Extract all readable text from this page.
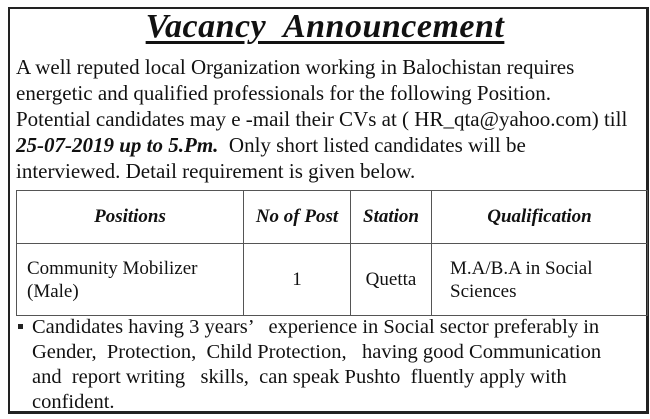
Vacancy  Announcement

A well reputed local Organization working in Balochistan requires

energetic and qualified professionals for the following Position.

Potential candidates may e -mail their CVs at ( HR_qta@yahoo.com) till

25-07-2019 up to 5.Pm.  Only short listed candidates will be

interviewed. Detail requirement is given below.

Positions	No of Post	Station	Qualification
Community Mobilizer (Male)	1	Quetta	M.A/B.A in Social Sciences

Candidates having 3 years’   experience in Social sector preferably in

Gender,  Protection,  Child Protection,   having good Communication

and  report writing   skills,  can speak Pushto  fluently apply with

confident.
